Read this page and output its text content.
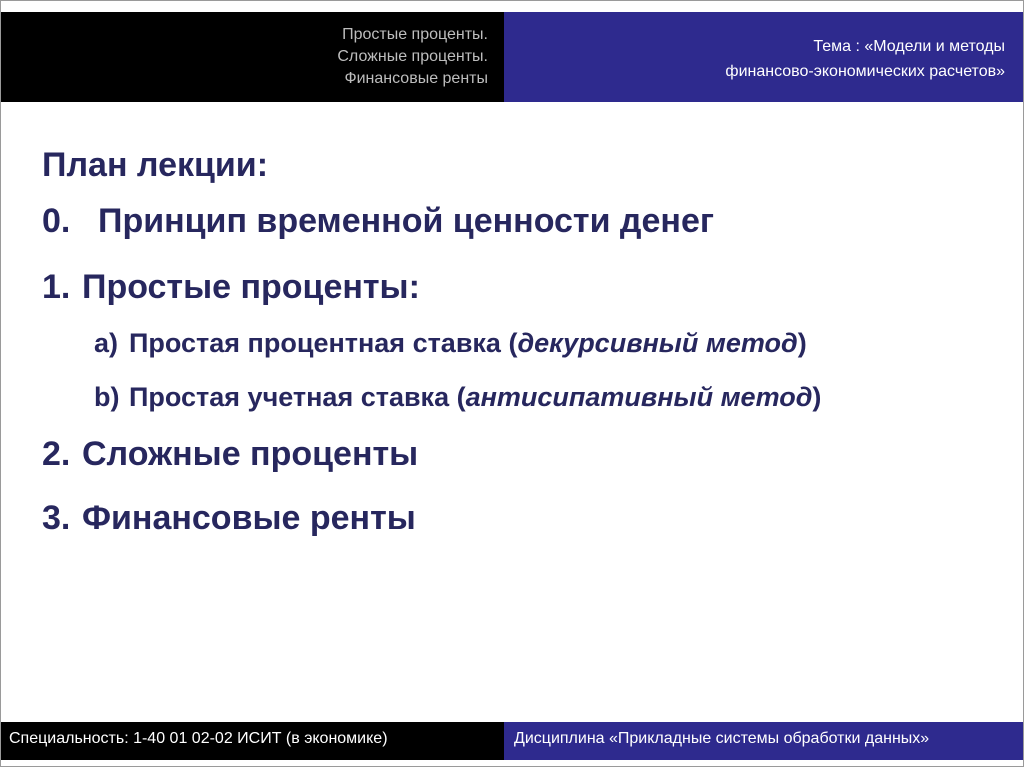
Простые проценты.
Сложные проценты.
Финансовые ренты
Тема : «Модели и методы
финансово-экономических расчетов»
План лекции:
0. Принцип временной ценности денег
1. Простые проценты:
a) Простая процентная ставка (декурсивный метод)
b) Простая учетная ставка (антисипативный метод)
2. Сложные проценты
3. Финансовые ренты
Специальность: 1-40 01 02-02 ИСИТ (в экономике)	Дисциплина «Прикладные системы обработки данных»
